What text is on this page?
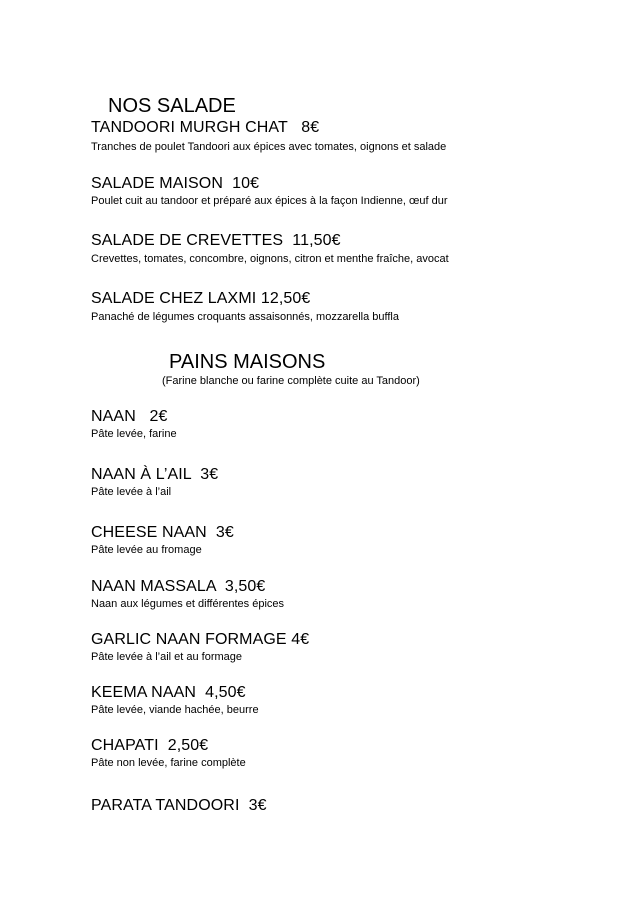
NOS SALADE
TANDOORI MURGH CHAT   8€
Tranches de poulet Tandoori aux épices avec tomates, oignons et salade
SALADE MAISON  10€
Poulet cuit au tandoor et préparé aux épices à la façon Indienne, œuf dur
SALADE DE CREVETTES  11,50€
Crevettes, tomates, concombre, oignons, citron et menthe fraîche, avocat
SALADE CHEZ LAXMI 12,50€
Panaché de légumes croquants assaisonnés, mozzarella buffla
PAINS MAISONS
(Farine blanche ou farine complète cuite au Tandoor)
NAAN   2€
Pâte levée, farine
NAAN À L’AIL  3€
Pâte levée à l’ail
CHEESE NAAN  3€
Pâte levée au fromage
NAAN MASSALA  3,50€
Naan aux légumes et différentes épices
GARLIC NAAN FORMAGE 4€
Pâte levée à l’ail et au formage
KEEMA NAAN  4,50€
Pâte levée, viande hachée, beurre
CHAPATI  2,50€
Pâte non levée, farine complète
PARATA TANDOORI  3€
